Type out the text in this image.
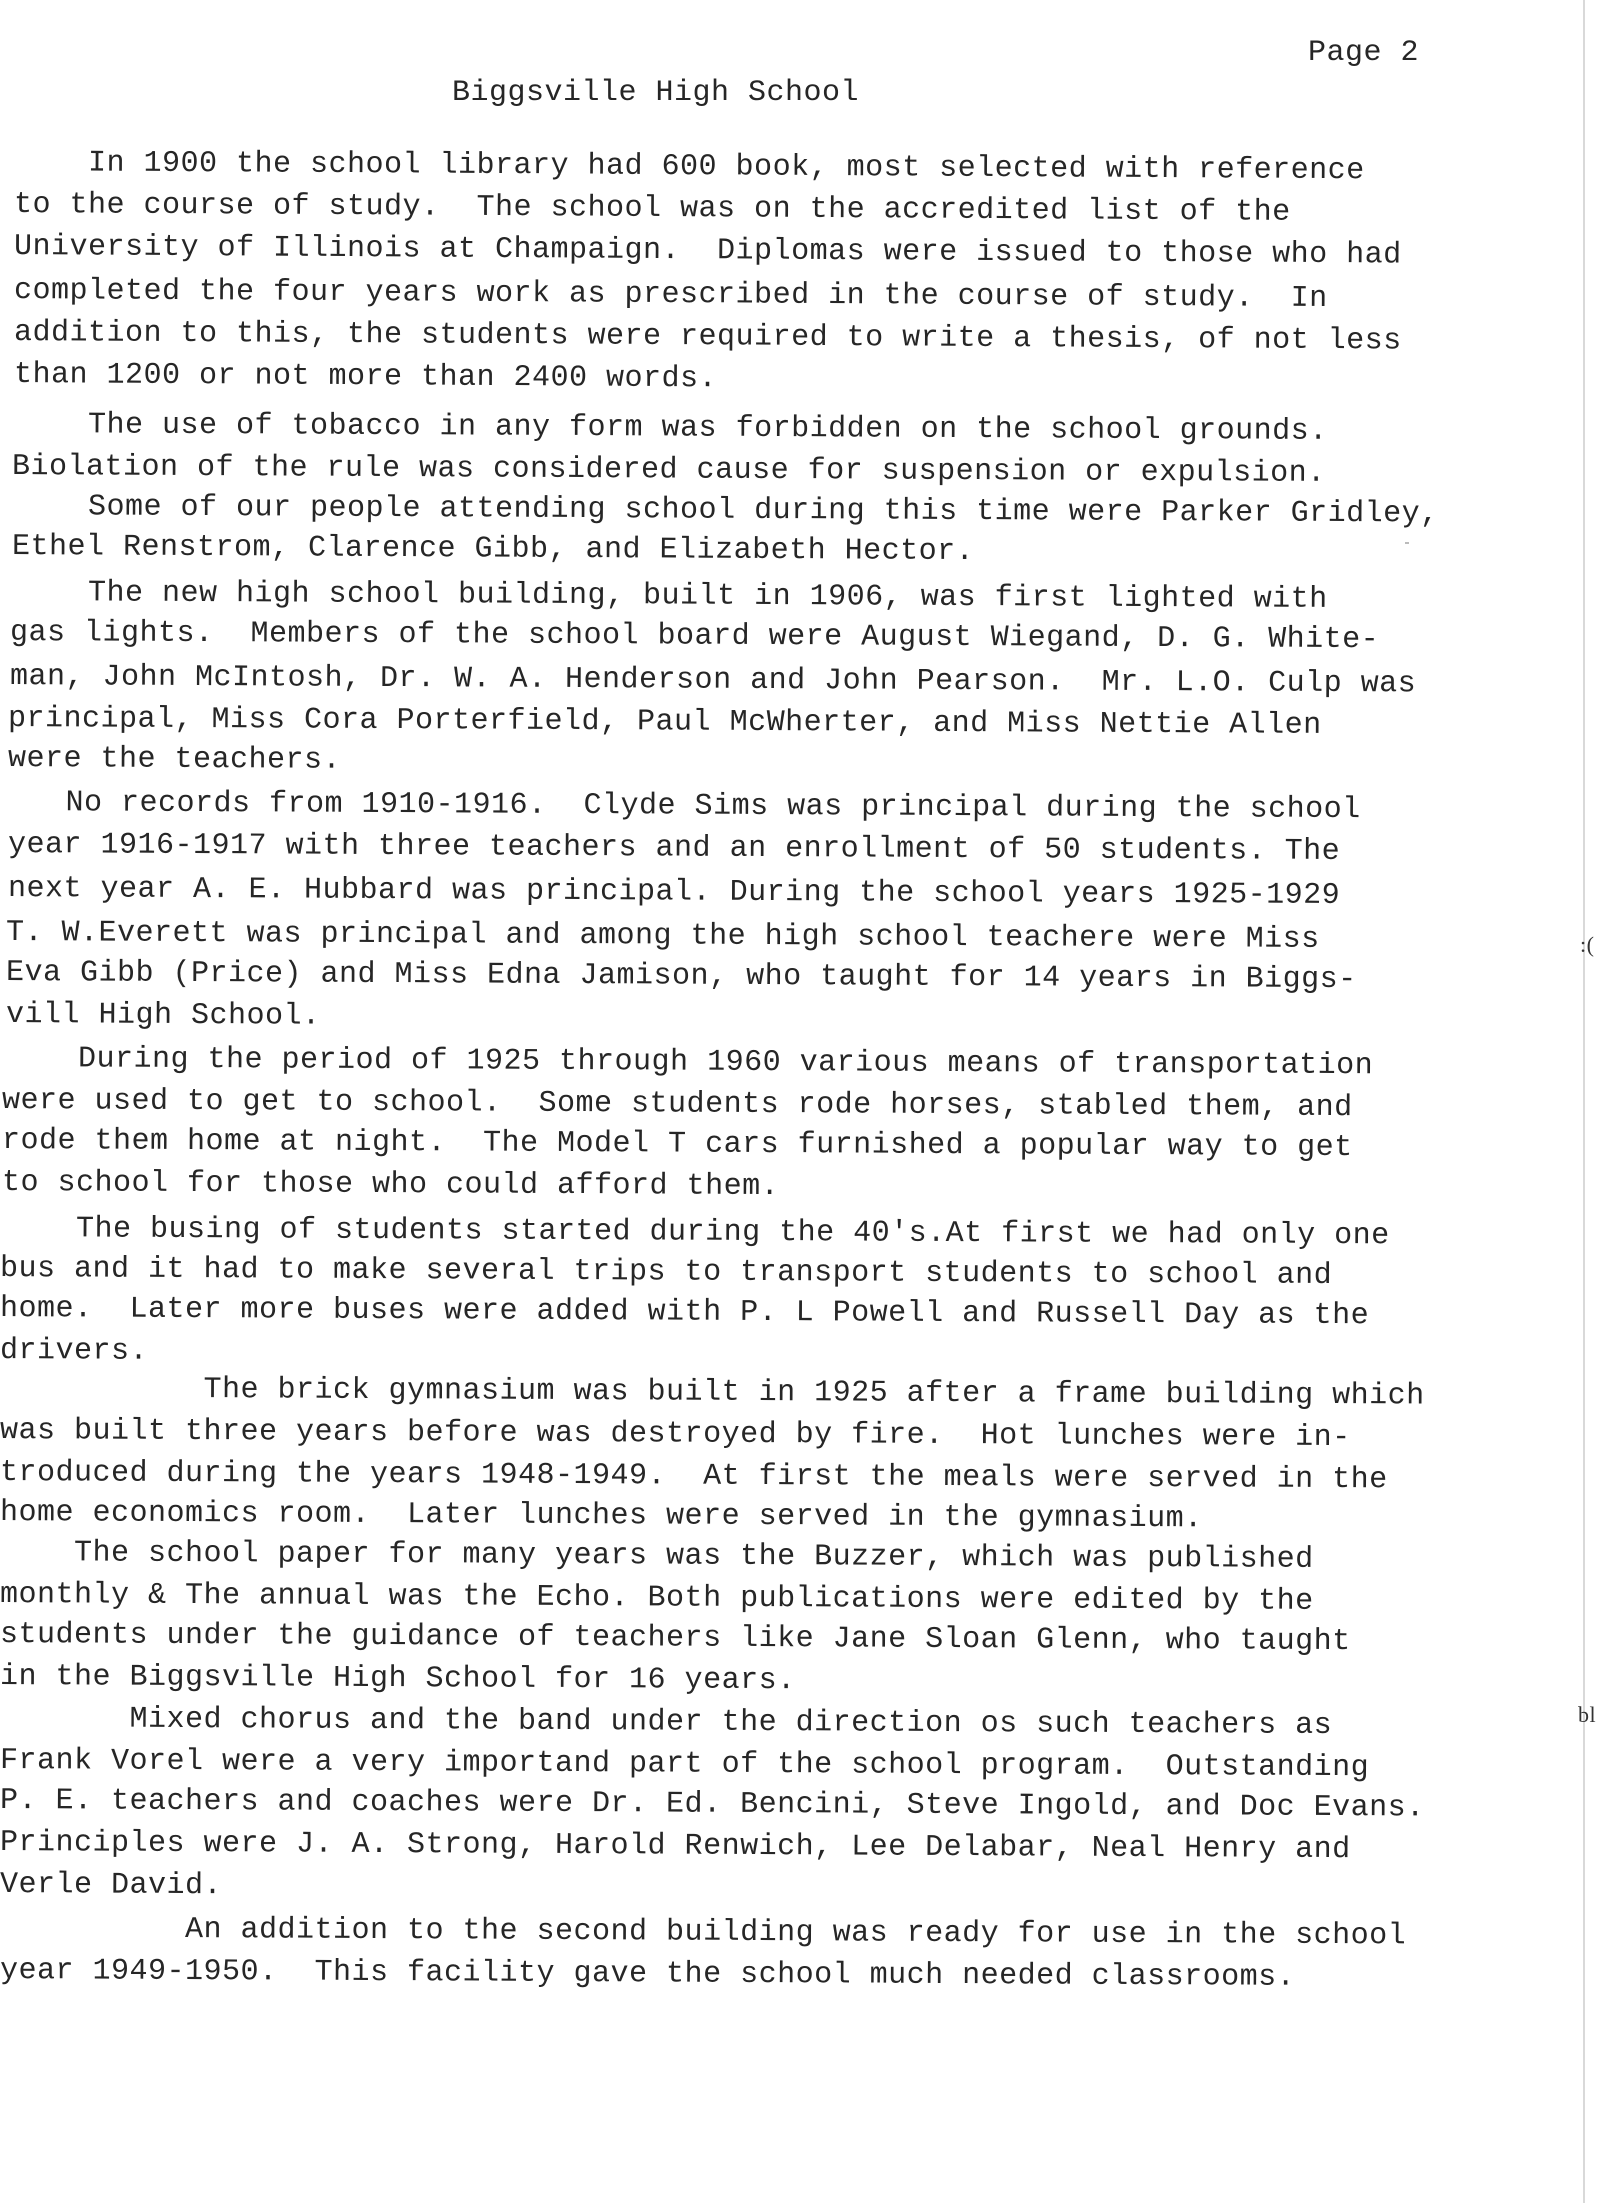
Page 2
Biggsville High School
In 1900 the school library had 600 book, most selected with reference
to the course of study.  The school was on the accredited list of the
University of Illinois at Champaign.  Diplomas were issued to those who had
completed the four years work as prescribed in the course of study.  In
addition to this, the students were required to write a thesis, of not less
than 1200 or not more than 2400 words.
The use of tobacco in any form was forbidden on the school grounds.
Biolation of the rule was considered cause for suspension or expulsion.
Some of our people attending school during this time were Parker Gridley,
Ethel Renstrom, Clarence Gibb, and Elizabeth Hector.
The new high school building, built in 1906, was first lighted with
gas lights.  Members of the school board were August Wiegand, D. G. White-
man, John McIntosh, Dr. W. A. Henderson and John Pearson.  Mr. L.O. Culp was
principal, Miss Cora Porterfield, Paul McWherter, and Miss Nettie Allen
were the teachers.
No records from 1910-1916.  Clyde Sims was principal during the school
year 1916-1917 with three teachers and an enrollment of 50 students. The
next year A. E. Hubbard was principal. During the school years 1925-1929
T. W.Everett was principal and among the high school teachere were Miss
Eva Gibb (Price) and Miss Edna Jamison, who taught for 14 years in Biggs-
vill High School.
During the period of 1925 through 1960 various means of transportation
were used to get to school.  Some students rode horses, stabled them, and
rode them home at night.  The Model T cars furnished a popular way to get
to school for those who could afford them.
The busing of students started during the 40's.At first we had only one
bus and it had to make several trips to transport students to school and
home.  Later more buses were added with P. L Powell and Russell Day as the
drivers.
The brick gymnasium was built in 1925 after a frame building which
was built three years before was destroyed by fire.  Hot lunches were in-
troduced during the years 1948-1949.  At first the meals were served in the
home economics room.  Later lunches were served in the gymnasium.
The school paper for many years was the Buzzer, which was published
monthly & The annual was the Echo. Both publications were edited by the
students under the guidance of teachers like Jane Sloan Glenn, who taught
in the Biggsville High School for 16 years.
Mixed chorus and the band under the direction os such teachers as
Frank Vorel were a very importand part of the school program.  Outstanding
P. E. teachers and coaches were Dr. Ed. Bencini, Steve Ingold, and Doc Evans.
Principles were J. A. Strong, Harold Renwich, Lee Delabar, Neal Henry and
Verle David.
An addition to the second building was ready for use in the school
year 1949-1950.  This facility gave the school much needed classrooms.
:(
bl
